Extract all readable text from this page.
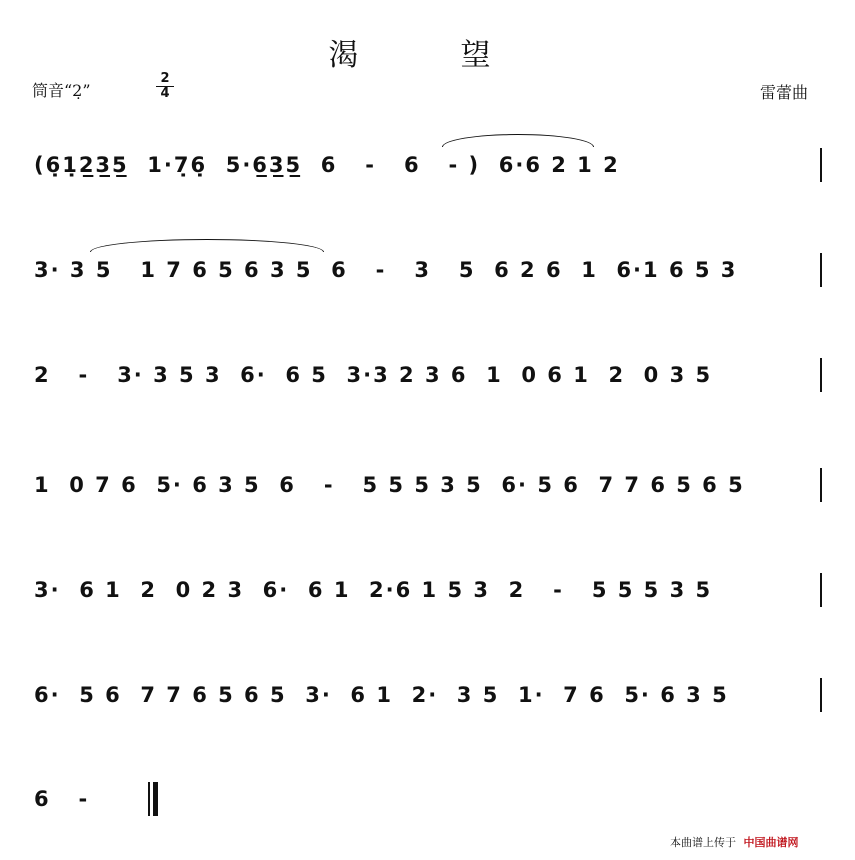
渴　望
筒音“2̣”	$\frac{2}{4}$	雷蕾曲
(6̣1̣2̲3̲5̲  1·7̣6̣  5·6̲3̲5̲  6   -   6   - )  6·6 2 1 2
3· 3 5   1 7 6 5 6 3 5  6   -   3   5  6 2 6  1  6·1 6 5 3
2   -   3· 3 5 3  6·  6 5  3·3 2 3 6  1  0 6 1  2  0 3 5
1  0 7 6  5· 6 3 5  6   -   5 5 5 3 5  6· 5 6  7 7 6 5 6 5
3·  6 1  2  0 2 3  6·  6 1  2·6 1 5 3  2   -   5 5 5 3 5
6·  5 6  7 7 6 5 6 5  3·  6 1  2·  3 5  1·  7 6  5· 6 3 5
6   -
本曲谱上传于 中国曲谱网
